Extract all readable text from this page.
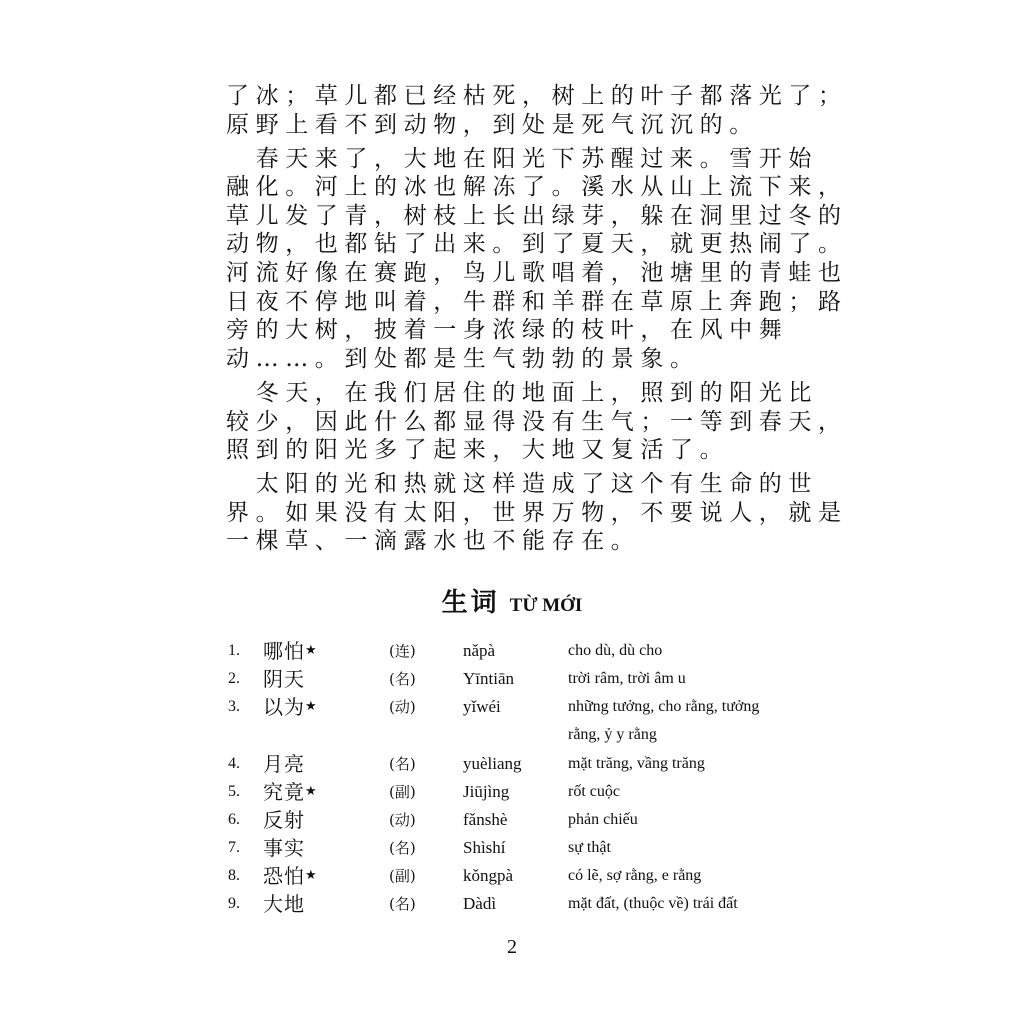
了冰；草儿都已经枯死，树上的叶子都落光了；
原野上看不到动物，到处是死气沉沉的。
　春天来了，大地在阳光下苏醒过来。雪开始
融化。河上的冰也解冻了。溪水从山上流下来，
草儿发了青，树枝上长出绿芽，躲在洞里过冬的
动物，也都钻了出来。到了夏天，就更热闹了。
河流好像在赛跑，鸟儿歌唱着，池塘里的青蛙也
日夜不停地叫着，牛群和羊群在草原上奔跑；路
旁的大树，披着一身浓绿的枝叶，在风中舞
动……。到处都是生气勃勃的景象。
　冬天，在我们居住的地面上，照到的阳光比
较少，因此什么都显得没有生气；一等到春天，
照到的阳光多了起来，大地又复活了。
　太阳的光和热就这样造成了这个有生命的世
界。如果没有太阳，世界万物，不要说人，就是
一棵草、一滴露水也不能存在。
生词 TỪ MỚI
1. 哪怕★	(连)	nǎpà	cho dù, dù cho
2. 阴天	(名)	Yīntiān	trời râm, trời âm u
3. 以为★	(动)	yǐwéi	những tưởng, cho rằng, tưởng
rằng, ỷ y rằng
4. 月亮	(名)	yuèliang	mặt trăng, vầng trăng
5. 究竟★	(副)	Jiūjìng	rốt cuộc
6. 反射	(动)	fǎnshè	phản chiếu
7. 事实	(名)	Shìshí	sự thật
8. 恐怕★	(副)	kǒngpà	có lẽ, sợ rằng, e rằng
9. 大地	(名)	Dàdì	mặt đất, (thuộc về) trái đất
2
